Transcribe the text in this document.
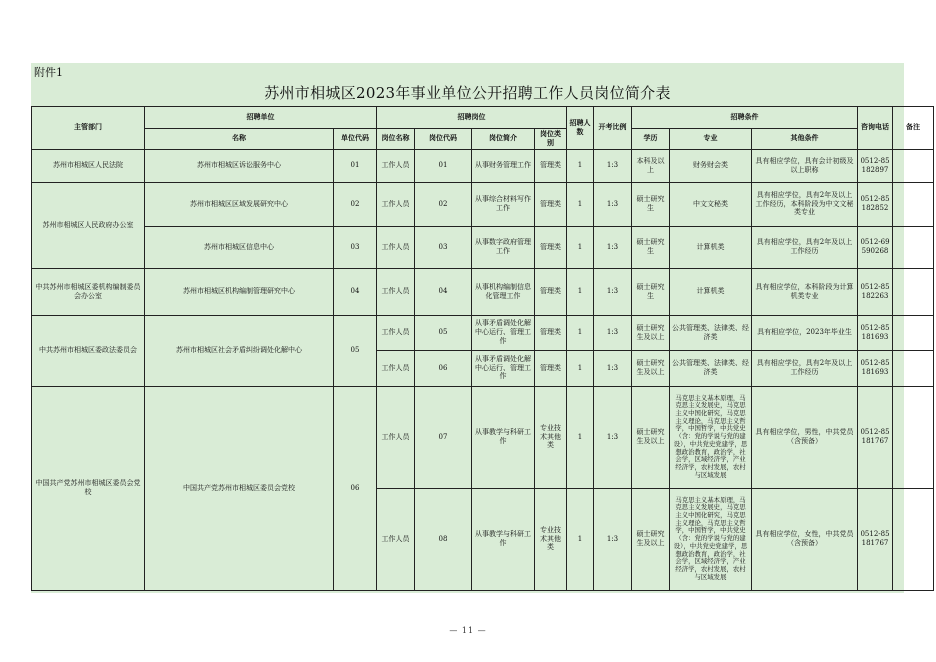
附件1
苏州市相城区2023年事业单位公开招聘工作人员岗位简介表
主管部门	招聘单位		招聘岗位				招聘人数	开考比例	招聘条件			咨询电话	备注
	名称	单位代码	岗位名称	岗位代码	岗位简介	岗位类别			学历	专业	其他条件		
苏州市相城区人民法院	苏州市相城区诉讼服务中心	01	工作人员	01	从事财务管理工作	管理类	1	1:3	本科及以上	财务财会类	具有相应学位，具有会计初级及以上职称	0512-85182897	
苏州市相城区人民政府办公室	苏州市相城区区域发展研究中心	02	工作人员	02	从事综合材料写作工作	管理类	1	1:3	硕士研究生	中文文秘类	具有相应学位，具有2年及以上工作经历，本科阶段为中文文秘类专业	0512-85182852	
	苏州市相城区信息中心	03	工作人员	03	从事数字政府管理工作	管理类	1	1:3	硕士研究生	计算机类	具有相应学位，具有2年及以上工作经历	0512-69590268	
中共苏州市相城区委机构编制委员会办公室	苏州市相城区机构编制管理研究中心	04	工作人员	04	从事机构编制信息化管理工作	管理类	1	1:3	硕士研究生	计算机类	具有相应学位，本科阶段为计算机类专业	0512-85182263	
中共苏州市相城区委政法委员会	苏州市相城区社会矛盾纠纷调处化解中心	05	工作人员	05	从事矛盾调处化解中心运行、管理工作	管理类	1	1:3	硕士研究生及以上	公共管理类、法律类、经济类	具有相应学位，2023年毕业生	0512-85181693	
			工作人员	06	从事矛盾调处化解中心运行、管理工作	管理类	1	1:3	硕士研究生及以上	公共管理类、法律类、经济类	具有相应学位，具有2年及以上工作经历	0512-85181693	
中国共产党苏州市相城区委员会党校	中国共产党苏州市相城区委员会党校	06	工作人员	07	从事教学与科研工作	专业技术其他类	1	1:3	硕士研究生及以上	马克思主义基本原理，马克思主义发展史，马克思主义中国化研究，马克思主义理论，马克思主义哲学，中国哲学，中共党史（含：党的学说与党的建设），中共党史党建学，思想政治教育，政治学，社会学，区域经济学，产业经济学，农村发展，农村与区域发展	具有相应学位，男性，中共党员（含预备）	0512-85181767	
			工作人员	08	从事教学与科研工作	专业技术其他类	1	1:3	硕士研究生及以上	马克思主义基本原理，马克思主义发展史，马克思主义中国化研究，马克思主义理论，马克思主义哲学，中国哲学，中共党史（含：党的学说与党的建设），中共党史党建学，思想政治教育，政治学，社会学，区域经济学，产业经济学，农村发展，农村与区域发展	具有相应学位，女性，中共党员（含预备）	0512-85181767	
— 11 —
